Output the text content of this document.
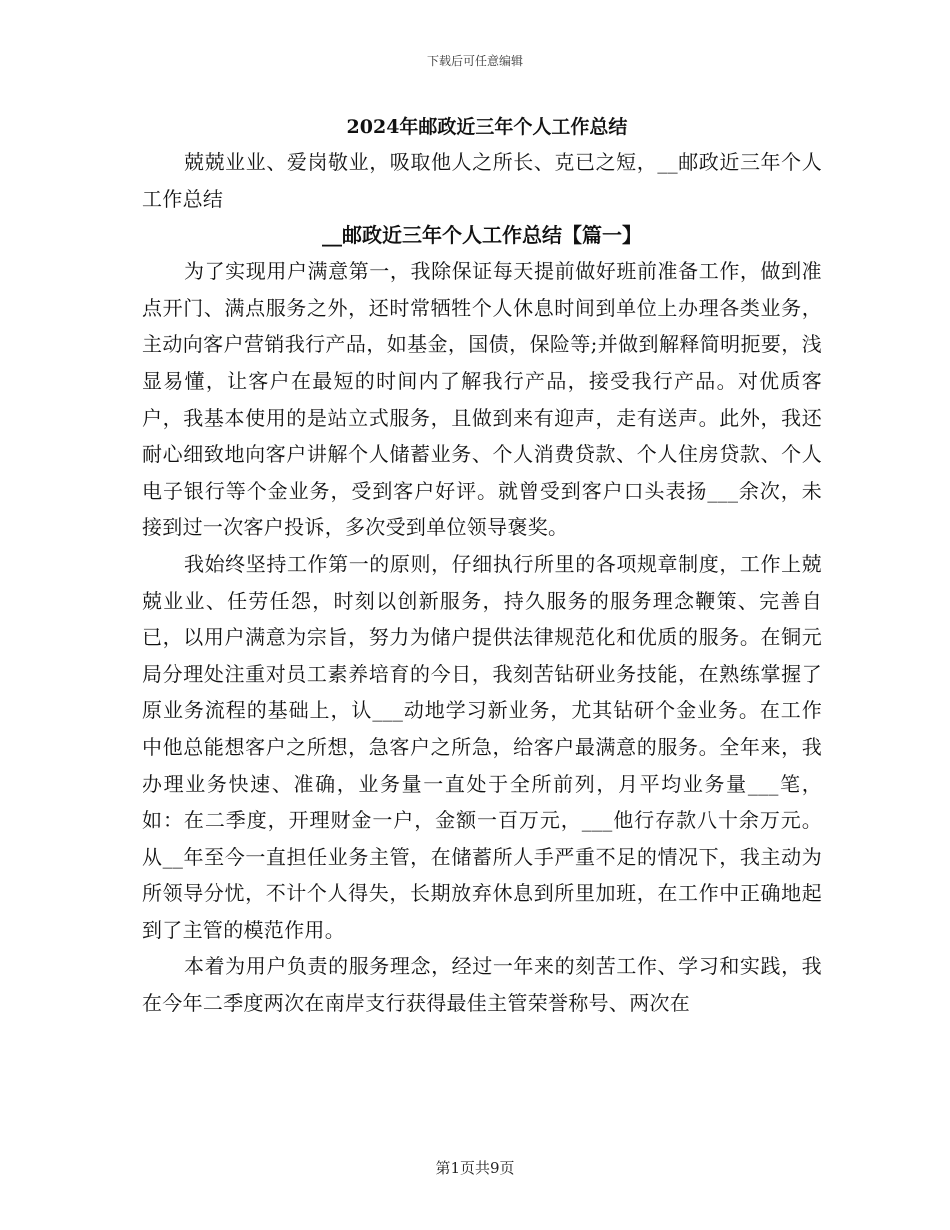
下载后可任意编辑
2024年邮政近三年个人工作总结

兢兢业业、爱岗敬业，吸取他人之所长、克已之短，__邮政近三年个人工作总结

__邮政近三年个人工作总结【篇一】

为了实现用户满意第一，我除保证每天提前做好班前准备工作，做到准点开门、满点服务之外，还时常牺牲个人休息时间到单位上办理各类业务，主动向客户营销我行产品，如基金，国债，保险等;并做到解释简明扼要，浅显易懂，让客户在最短的时间内了解我行产品，接受我行产品。对优质客户，我基本使用的是站立式服务，且做到来有迎声，走有送声。此外，我还耐心细致地向客户讲解个人储蓄业务、个人消费贷款、个人住房贷款、个人电子银行等个金业务，受到客户好评。就曾受到客户口头表扬___余次，未接到过一次客户投诉，多次受到单位领导褒奖。

我始终坚持工作第一的原则，仔细执行所里的各项规章制度，工作上兢兢业业、任劳任怨，时刻以创新服务，持久服务的服务理念鞭策、完善自已，以用户满意为宗旨，努力为储户提供法律规范化和优质的服务。在铜元局分理处注重对员工素养培育的今日，我刻苦钻研业务技能，在熟练掌握了原业务流程的基础上，认___动地学习新业务，尤其钻研个金业务。在工作中他总能想客户之所想，急客户之所急，给客户最满意的服务。全年来，我办理业务快速、准确，业务量一直处于全所前列，月平均业务量___笔，如：在二季度，开理财金一户，金额一百万元，___他行存款八十余万元。从__年至今一直担任业务主管，在储蓄所人手严重不足的情况下，我主动为所领导分忧，不计个人得失，长期放弃休息到所里加班，在工作中正确地起到了主管的模范作用。

本着为用户负责的服务理念，经过一年来的刻苦工作、学习和实践，我在今年二季度两次在南岸支行获得最佳主管荣誉称号、两次在

第1页共9页
